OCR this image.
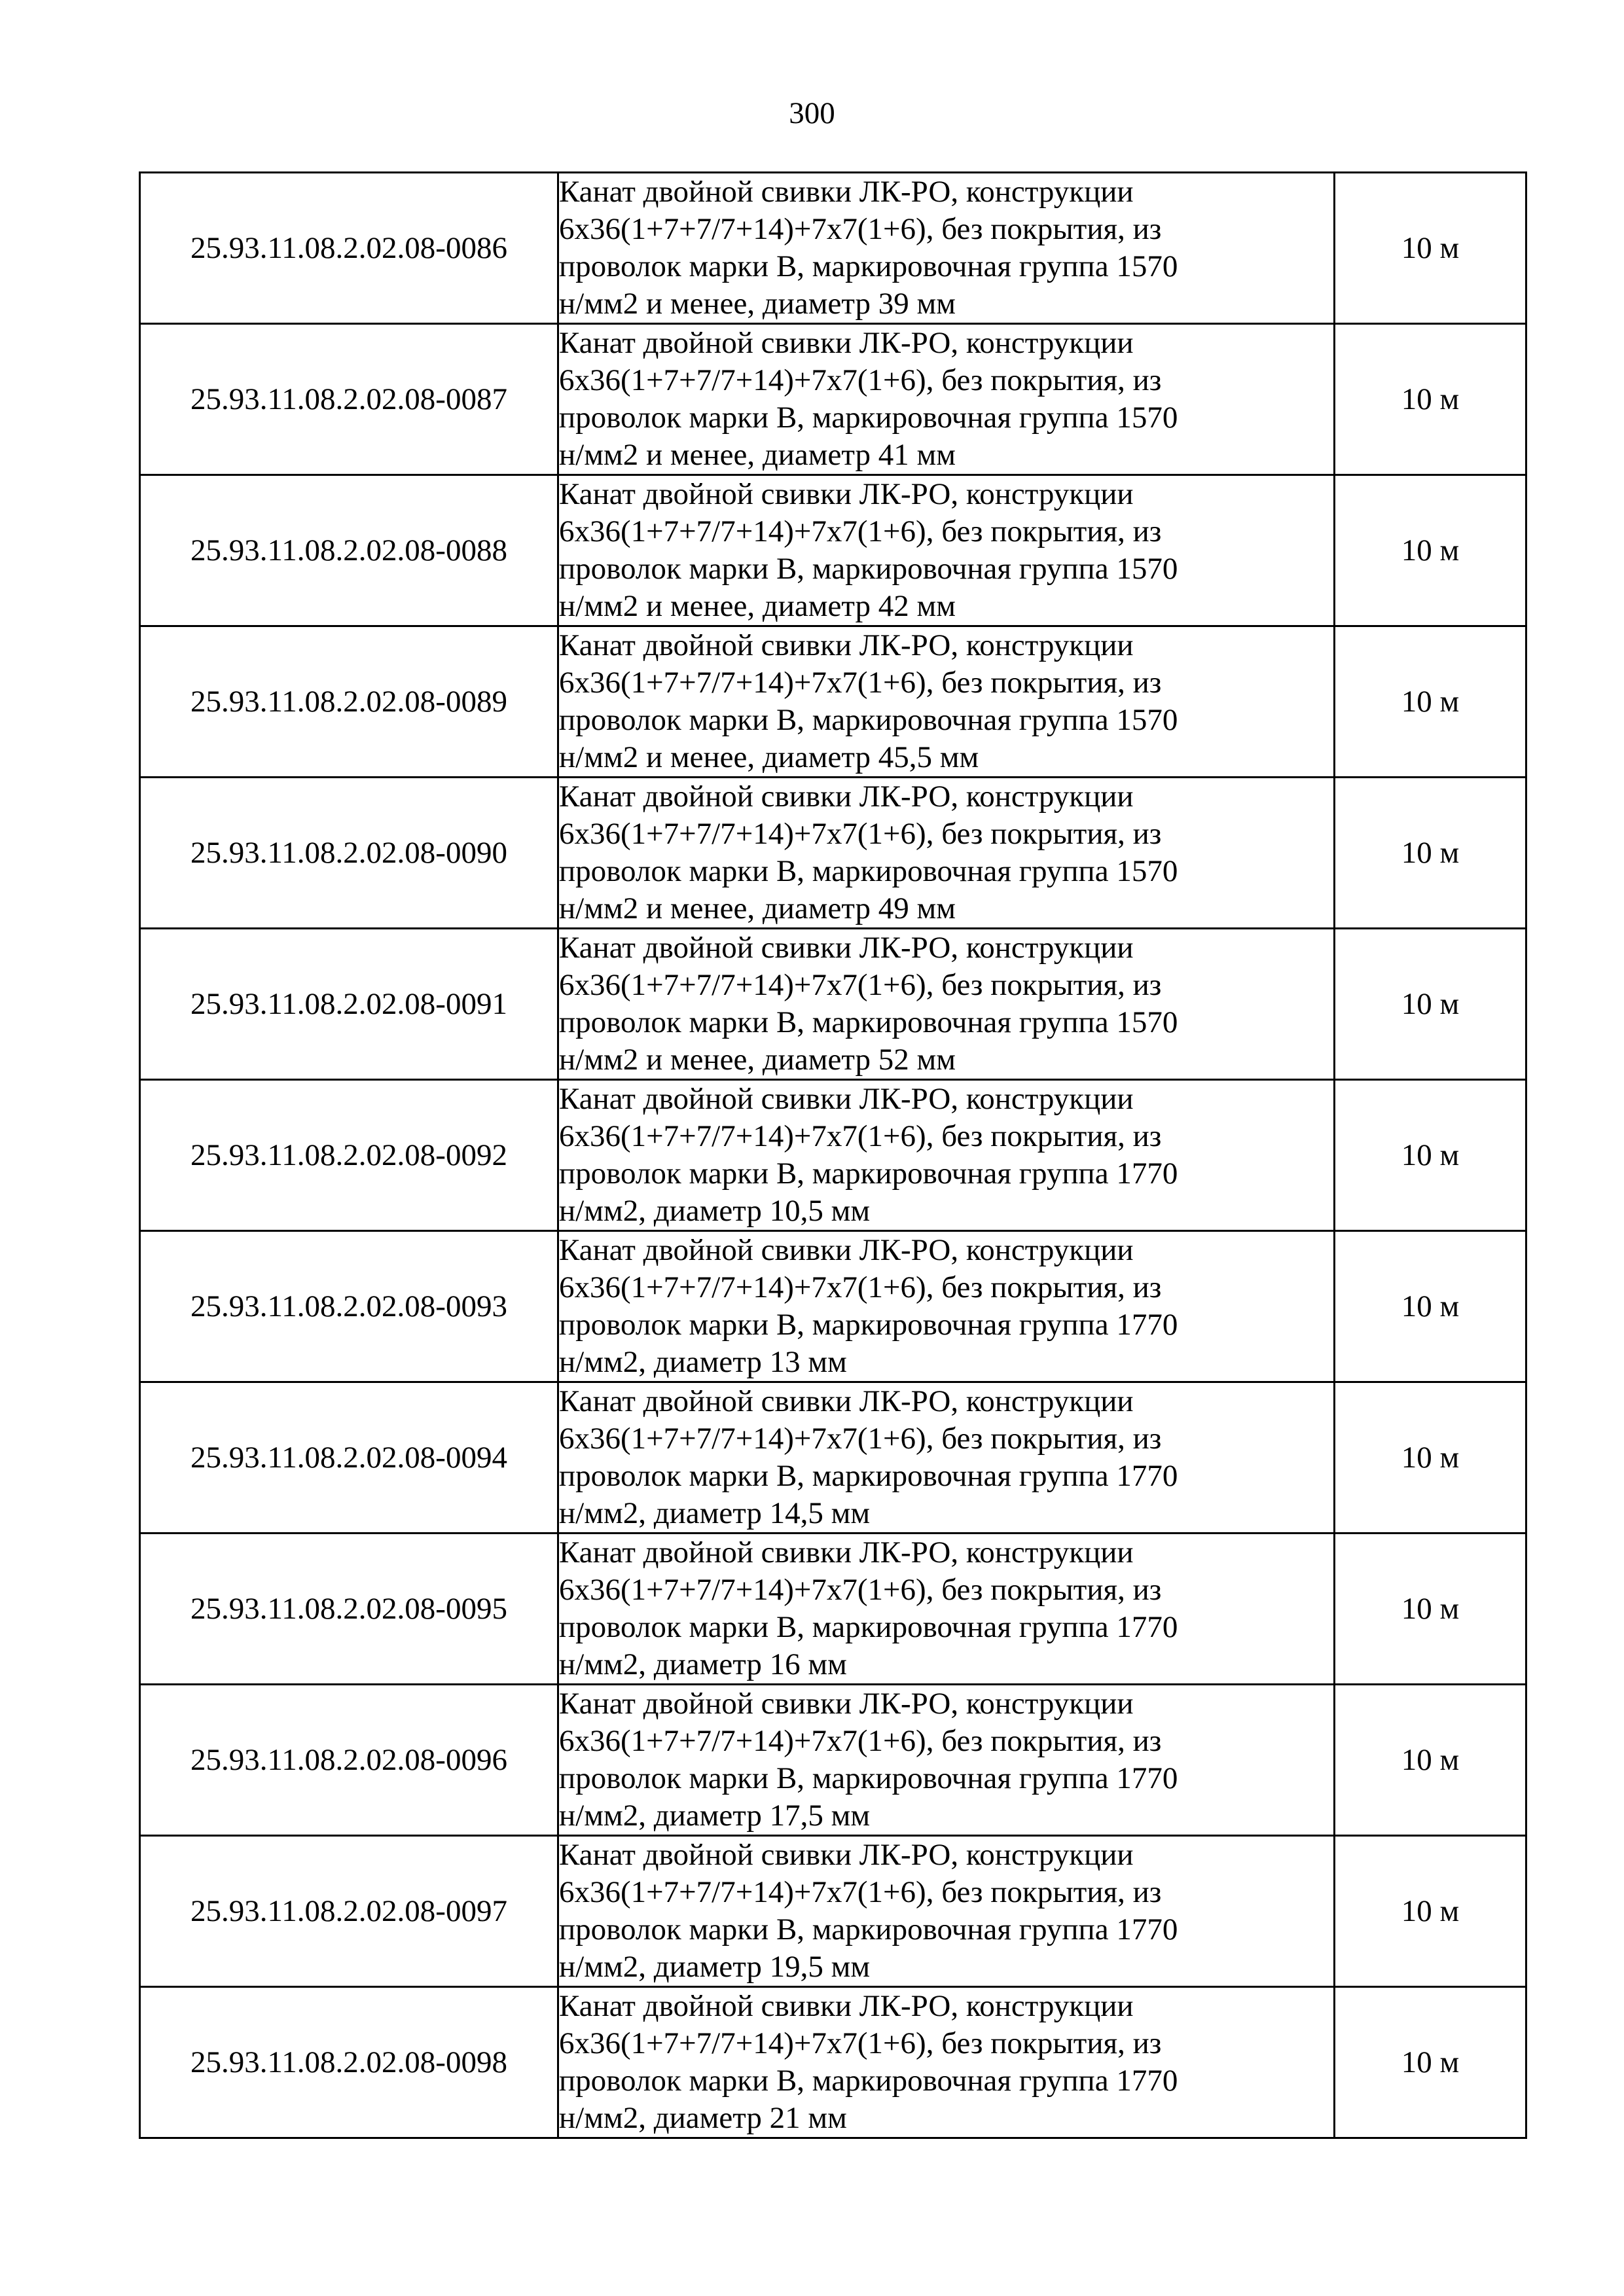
300
25.93.11.08.2.02.08-0086	Канат двойной свивки ЛК-РО, конструкции
6х36(1+7+7/7+14)+7х7(1+6), без покрытия, из
проволок марки В, маркировочная группа 1570
н/мм2 и менее, диаметр 39 мм	10 м
25.93.11.08.2.02.08-0087	Канат двойной свивки ЛК-РО, конструкции
6х36(1+7+7/7+14)+7х7(1+6), без покрытия, из
проволок марки В, маркировочная группа 1570
н/мм2 и менее, диаметр 41 мм	10 м
25.93.11.08.2.02.08-0088	Канат двойной свивки ЛК-РО, конструкции
6х36(1+7+7/7+14)+7х7(1+6), без покрытия, из
проволок марки В, маркировочная группа 1570
н/мм2 и менее, диаметр 42 мм	10 м
25.93.11.08.2.02.08-0089	Канат двойной свивки ЛК-РО, конструкции
6х36(1+7+7/7+14)+7х7(1+6), без покрытия, из
проволок марки В, маркировочная группа 1570
н/мм2 и менее, диаметр 45,5 мм	10 м
25.93.11.08.2.02.08-0090	Канат двойной свивки ЛК-РО, конструкции
6х36(1+7+7/7+14)+7х7(1+6), без покрытия, из
проволок марки В, маркировочная группа 1570
н/мм2 и менее, диаметр 49 мм	10 м
25.93.11.08.2.02.08-0091	Канат двойной свивки ЛК-РО, конструкции
6х36(1+7+7/7+14)+7х7(1+6), без покрытия, из
проволок марки В, маркировочная группа 1570
н/мм2 и менее, диаметр 52 мм	10 м
25.93.11.08.2.02.08-0092	Канат двойной свивки ЛК-РО, конструкции
6х36(1+7+7/7+14)+7х7(1+6), без покрытия, из
проволок марки В, маркировочная группа 1770
н/мм2, диаметр 10,5 мм	10 м
25.93.11.08.2.02.08-0093	Канат двойной свивки ЛК-РО, конструкции
6х36(1+7+7/7+14)+7х7(1+6), без покрытия, из
проволок марки В, маркировочная группа 1770
н/мм2, диаметр 13 мм	10 м
25.93.11.08.2.02.08-0094	Канат двойной свивки ЛК-РО, конструкции
6х36(1+7+7/7+14)+7х7(1+6), без покрытия, из
проволок марки В, маркировочная группа 1770
н/мм2, диаметр 14,5 мм	10 м
25.93.11.08.2.02.08-0095	Канат двойной свивки ЛК-РО, конструкции
6х36(1+7+7/7+14)+7х7(1+6), без покрытия, из
проволок марки В, маркировочная группа 1770
н/мм2, диаметр 16 мм	10 м
25.93.11.08.2.02.08-0096	Канат двойной свивки ЛК-РО, конструкции
6х36(1+7+7/7+14)+7х7(1+6), без покрытия, из
проволок марки В, маркировочная группа 1770
н/мм2, диаметр 17,5 мм	10 м
25.93.11.08.2.02.08-0097	Канат двойной свивки ЛК-РО, конструкции
6х36(1+7+7/7+14)+7х7(1+6), без покрытия, из
проволок марки В, маркировочная группа 1770
н/мм2, диаметр 19,5 мм	10 м
25.93.11.08.2.02.08-0098	Канат двойной свивки ЛК-РО, конструкции
6х36(1+7+7/7+14)+7х7(1+6), без покрытия, из
проволок марки В, маркировочная группа 1770
н/мм2, диаметр 21 мм	10 м
